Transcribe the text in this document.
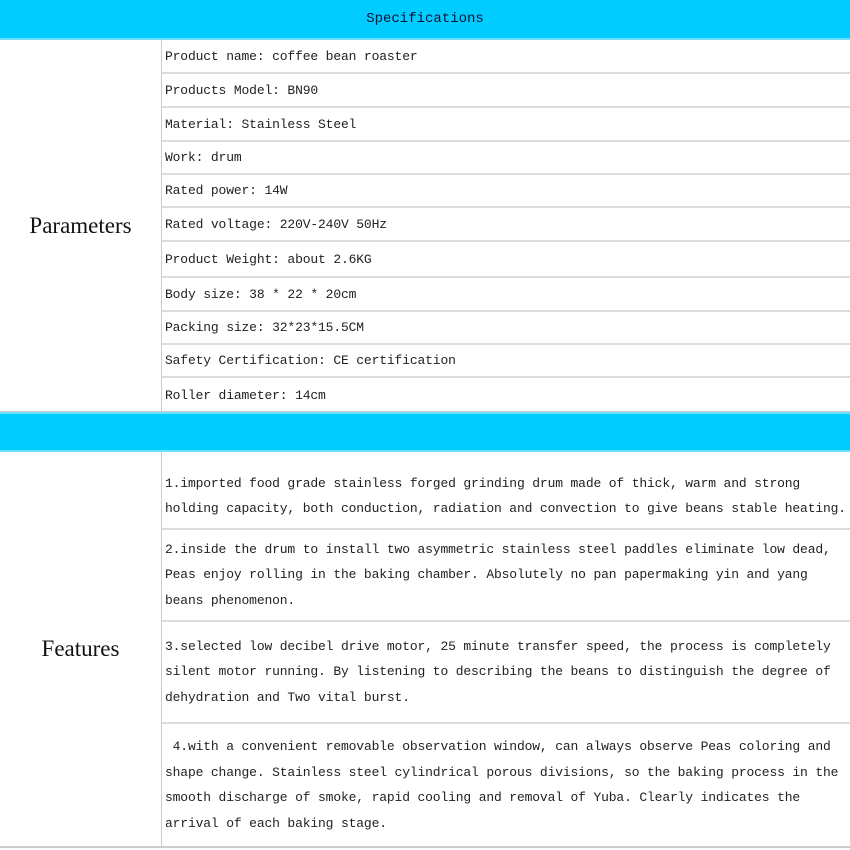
Specifications
Parameters
Product name: coffee bean roaster
Products Model: BN90
Material: Stainless Steel
Work: drum
Rated power: 14W
Rated voltage: 220V-240V 50Hz
Product Weight: about 2.6KG
Body size: 38 * 22 * 20cm
Packing size: 32*23*15.5CM
Safety Certification: CE certification
Roller diameter: 14cm
Features
1.imported food grade stainless forged grinding drum made of thick, warm and strong holding capacity, both conduction, radiation and convection to give beans stable heating.
2.inside the drum to install two asymmetric stainless steel paddles eliminate low dead, Peas enjoy rolling in the baking chamber. Absolutely no pan papermaking yin and yang beans phenomenon.
3.selected low decibel drive motor, 25 minute transfer speed, the process is completely silent motor running. By listening to describing the beans to distinguish the degree of dehydration and Two vital burst.
4.with a convenient removable observation window, can always observe Peas coloring and shape change. Stainless steel cylindrical porous divisions, so the baking process in the smooth discharge of smoke, rapid cooling and removal of Yuba. Clearly indicates the arrival of each baking stage.
